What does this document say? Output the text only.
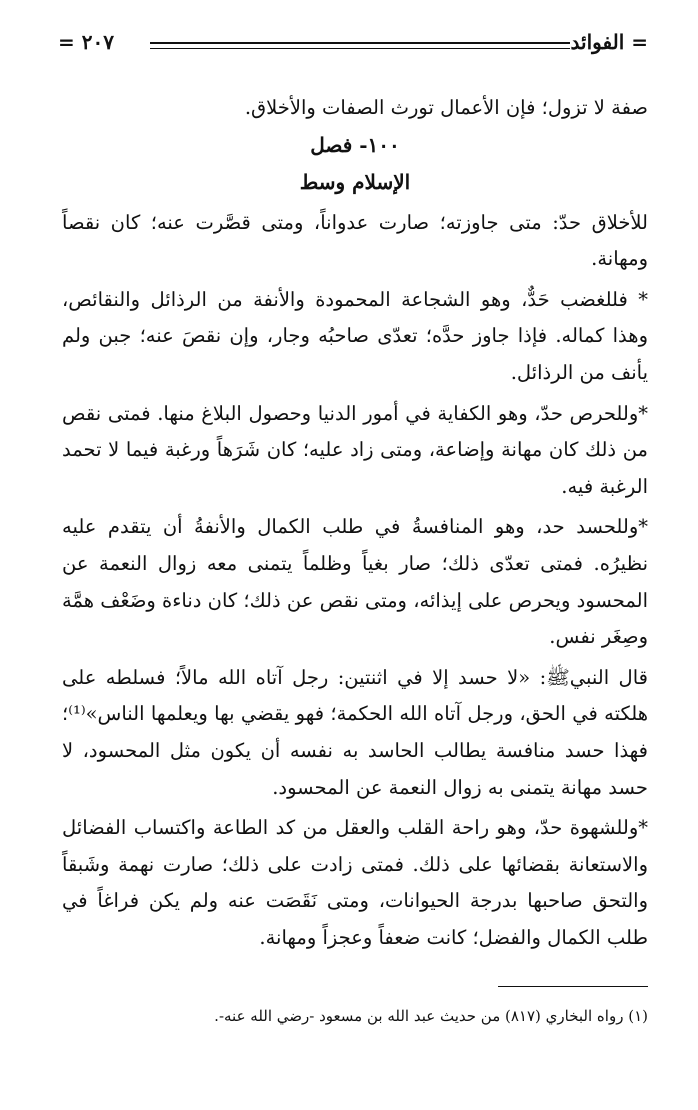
= الفوائد
٢٠٧ =

صفة لا تزول؛ فإن الأعمال تورث الصفات والأخلاق.

١٠٠- فصل

الإسلام وسط

للأخلاق حدّ: متى جاوزته؛ صارت عدواناً، ومتى قصَّرت عنه؛ كان نقصاً ومهانة.

* فللغضب حَدٌّ، وهو الشجاعة المحمودة والأنفة من الرذائل والنقائص، وهذا كماله. فإذا جاوز حدَّه؛ تعدّى صاحبُه وجار، وإن نقصَ عنه؛ جبن ولم يأنف من الرذائل.

*وللحرص حدّ، وهو الكفاية في أمور الدنيا وحصول البلاغ منها. فمتى نقص من ذلك كان مهانة وإضاعة، ومتى زاد عليه؛ كان شَرَهاً ورغبة فيما لا تحمد الرغبة فيه.

*وللحسد حد، وهو المنافسةُ في طلب الكمال والأنفةُ أن يتقدم عليه نظيرُه. فمتى تعدّى ذلك؛ صار بغياً وظلماً يتمنى معه زوال النعمة عن المحسود ويحرص على إيذائه، ومتى نقص عن ذلك؛ كان دناءة وضَعْف همَّة وصِغَر نفس.

قال النبيﷺ: «لا حسد إلا في اثنتين: رجل آتاه الله مالاً؛ فسلطه على هلكته في الحق، ورجل آتاه الله الحكمة؛ فهو يقضي بها ويعلمها الناس»⁽¹⁾؛ فهذا حسد منافسة يطالب الحاسد به نفسه أن يكون مثل المحسود، لا حسد مهانة يتمنى به زوال النعمة عن المحسود.

*وللشهوة حدّ، وهو راحة القلب والعقل من كد الطاعة واكتساب الفضائل والاستعانة بقضائها على ذلك. فمتى زادت على ذلك؛ صارت نهمة وشَبقاً والتحق صاحبها بدرجة الحيوانات، ومتى نَقَصَت عنه ولم يكن فراغاً في طلب الكمال والفضل؛ كانت ضعفاً وعجزاً ومهانة.

(١) رواه البخاري (٨١٧) من حديث عبد الله بن مسعود -رضي الله عنه-.
